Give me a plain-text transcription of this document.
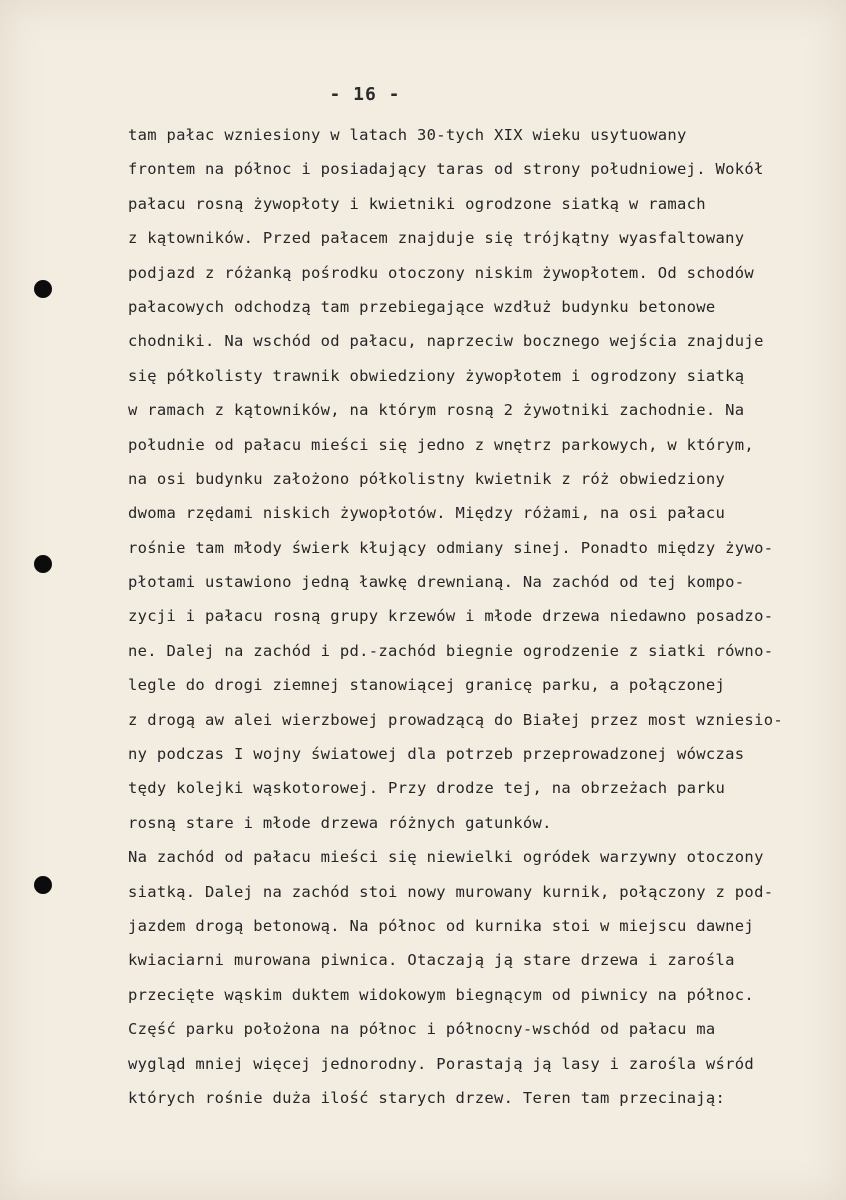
- 16 -
tam pałac wzniesiony w latach 30-tych XIX wieku usytuowany
frontem na północ i posiadający taras od strony południowej. Wokół
pałacu rosną żywopłoty i kwietniki ogrodzone siatką w ramach
z kątowników. Przed pałacem znajduje się trójkątny wyasfaltowany
podjazd z różanką pośrodku otoczony niskim żywopłotem. Od schodów
pałacowych odchodzą tam przebiegające wzdłuż budynku betonowe
chodniki. Na wschód od pałacu, naprzeciw bocznego wejścia znajduje
się półkolisty trawnik obwiedziony żywopłotem i ogrodzony siatką
w ramach z kątowników, na którym rosną 2 żywotniki zachodnie. Na
południe od pałacu mieści się jedno z wnętrz parkowych, w którym,
na osi budynku założono półkolistny kwietnik z róż obwiedziony
dwoma rzędami niskich żywopłotów. Między różami, na osi pałacu
rośnie tam młody świerk kłujący odmiany sinej. Ponadto między żywo-
płotami ustawiono jedną ławkę drewnianą. Na zachód od tej kompo-
zycji i pałacu rosną grupy krzewów i młode drzewa niedawno posadzo-
ne. Dalej na zachód i pd.-zachód biegnie ogrodzenie z siatki równo-
legle do drogi ziemnej stanowiącej granicę parku, a połączonej
z drogą aw alei wierzbowej prowadzącą do Białej przez most wzniesio-
ny podczas I wojny światowej dla potrzeb przeprowadzonej wówczas
tędy kolejki wąskotorowej. Przy drodze tej, na obrzeżach parku
rosną stare i młode drzewa różnych gatunków.
Na zachód od pałacu mieści się niewielki ogródek warzywny otoczony
siatką. Dalej na zachód stoi nowy murowany kurnik, połączony z pod-
jazdem drogą betonową. Na północ od kurnika stoi w miejscu dawnej
kwiaciarni murowana piwnica. Otaczają ją stare drzewa i zarośla
przecięte wąskim duktem widokowym biegnącym od piwnicy na północ.
Część parku położona na północ i północny-wschód od pałacu ma
wygląd mniej więcej jednorodny. Porastają ją lasy i zarośla wśród
których rośnie duża ilość starych drzew. Teren tam przecinają:
